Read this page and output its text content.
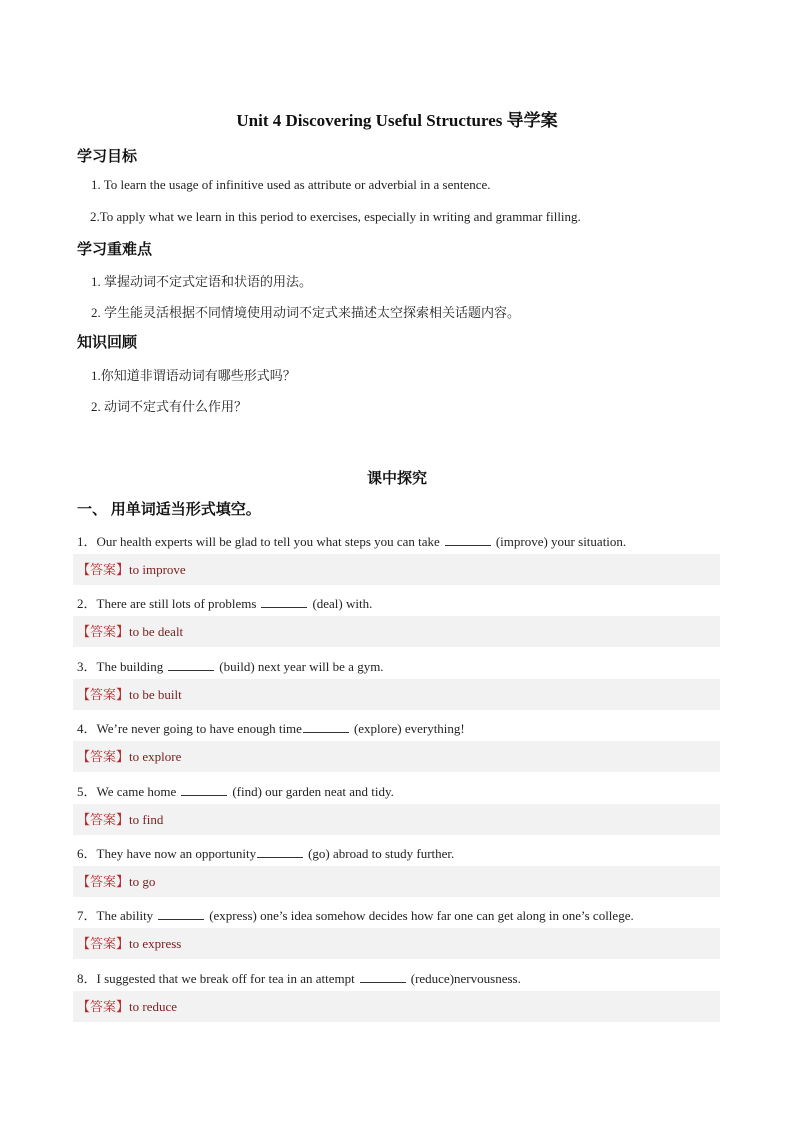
Unit 4 Discovering Useful Structures 导学案
学习目标
1. To learn the usage of infinitive used as attribute or adverbial in a sentence.
2.To apply what we learn in this period to exercises, especially in writing and grammar filling.
学习重难点
1. 掌握动词不定式定语和状语的用法。
2. 学生能灵活根据不同情境使用动词不定式来描述太空探索相关话题内容。
知识回顾
1.你知道非谓语动词有哪些形式吗？
2. 动词不定式有什么作用？
课中探究
一、 用单词适当形式填空。
1．Our health experts will be glad to tell you what steps you can take	(improve) your situation.
【答案】to improve
2．There are still lots of problems	(deal) with.
【答案】to be dealt
3．The building	(build) next year will be a gym.
【答案】to be built
4．We’re never going to have enough time	(explore) everything!
【答案】to explore
5．We came home	(find) our garden neat and tidy.
【答案】to find
6．They have now an opportunity	(go) abroad to study further.
【答案】to go
7．The ability	(express) one’s idea somehow decides how far one can get along in one’s college.
【答案】to express
8．I suggested that we break off for tea in an attempt	(reduce)nervousness.
【答案】to reduce
